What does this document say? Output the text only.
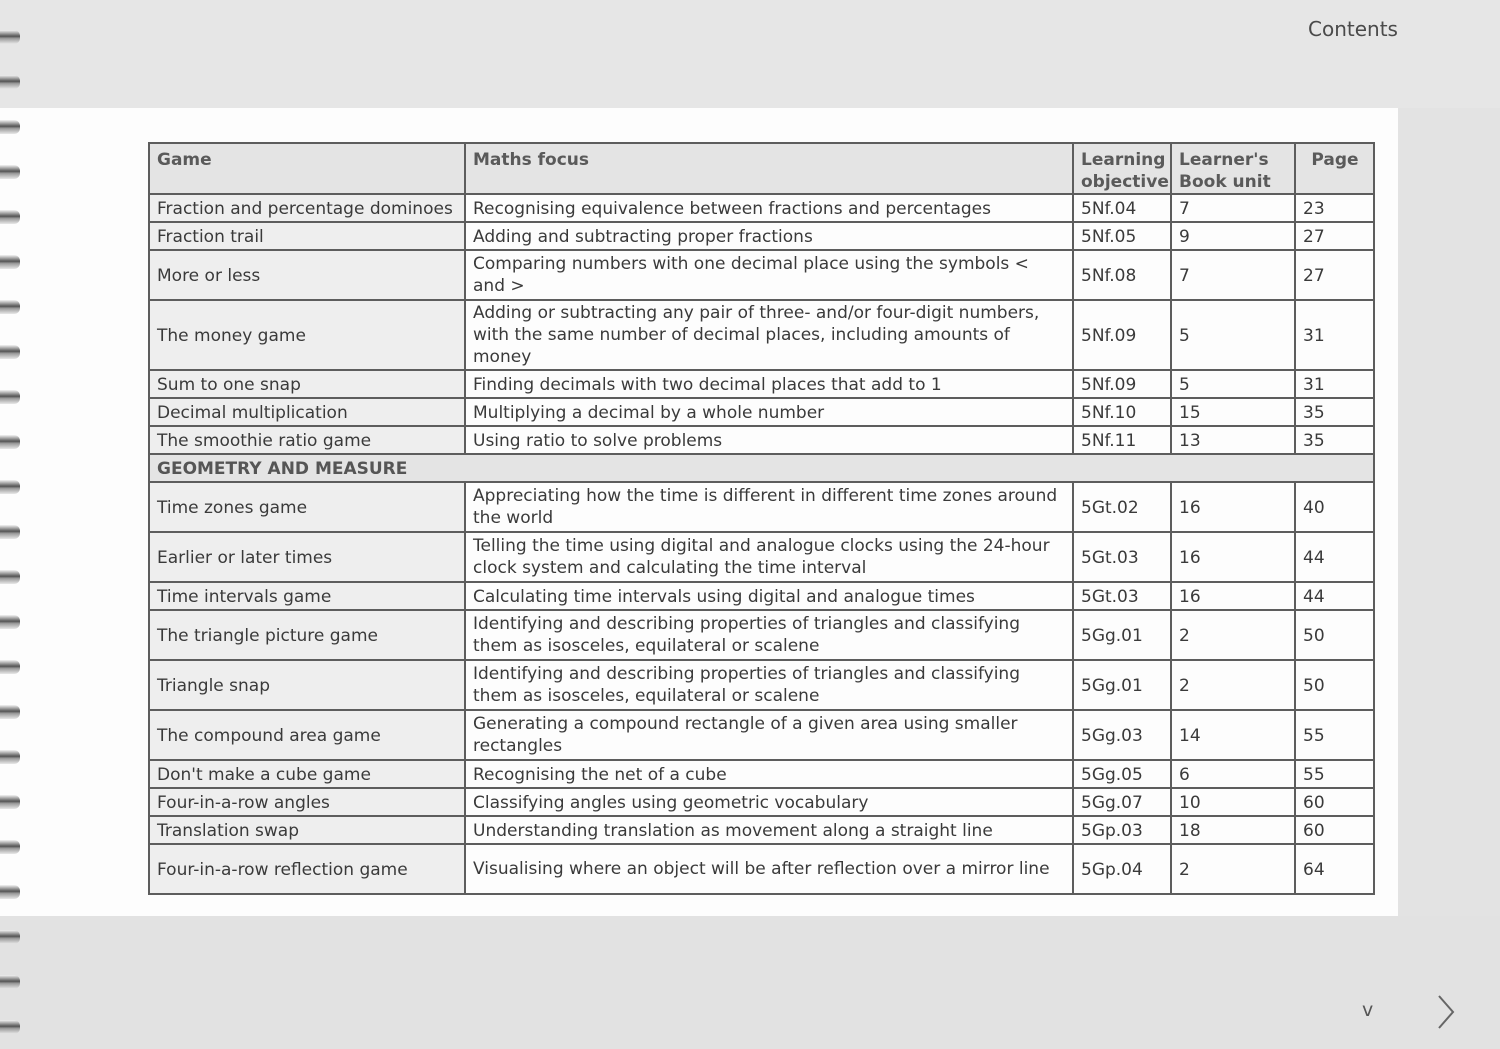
Contents
Game	Maths focus	Learning objective	Learner's Book unit	Page
Fraction and percentage dominoes	Recognising equivalence between fractions and percentages	5Nf.04	7	23
Fraction trail	Adding and subtracting proper fractions	5Nf.05	9	27
More or less	Comparing numbers with one decimal place using the symbols < and >	5Nf.08	7	27
The money game	Adding or subtracting any pair of three- and/or four-digit numbers, with the same number of decimal places, including amounts of money	5Nf.09	5	31
Sum to one snap	Finding decimals with two decimal places that add to 1	5Nf.09	5	31
Decimal multiplication	Multiplying a decimal by a whole number	5Nf.10	15	35
The smoothie ratio game	Using ratio to solve problems	5Nf.11	13	35
GEOMETRY AND MEASURE				
Time zones game	Appreciating how the time is different in different time zones around the world	5Gt.02	16	40
Earlier or later times	Telling the time using digital and analogue clocks using the 24-hour clock system and calculating the time interval	5Gt.03	16	44
Time intervals game	Calculating time intervals using digital and analogue times	5Gt.03	16	44
The triangle picture game	Identifying and describing properties of triangles and classifying them as isosceles, equilateral or scalene	5Gg.01	2	50
Triangle snap	Identifying and describing properties of triangles and classifying them as isosceles, equilateral or scalene	5Gg.01	2	50
The compound area game	Generating a compound rectangle of a given area using smaller rectangles	5Gg.03	14	55
Don't make a cube game	Recognising the net of a cube	5Gg.05	6	55
Four-in-a-row angles	Classifying angles using geometric vocabulary	5Gg.07	10	60
Translation swap	Understanding translation as movement along a straight line	5Gp.03	18	60
Four-in-a-row reflection game	Visualising where an object will be after reflection over a mirror line	5Gp.04	2	64
v
